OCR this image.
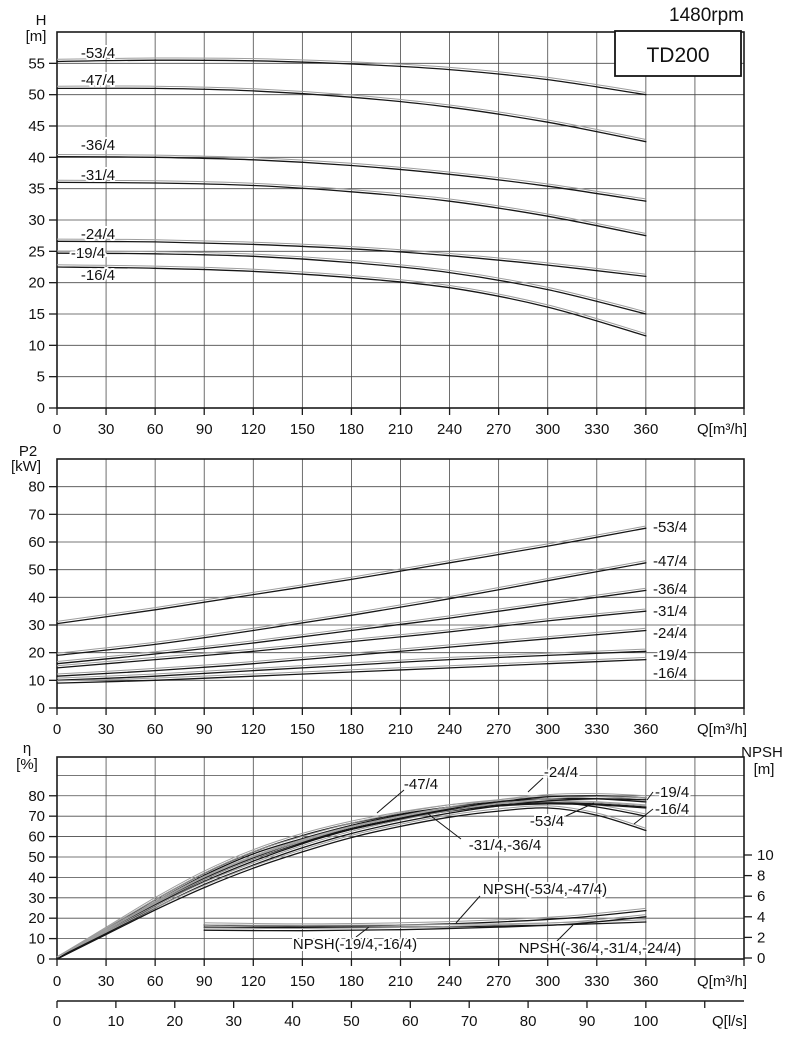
0 30 60 90 120 150 180 210 240 270 300 330 360	Q[m³/h]
0
5
10
15
20
25
30
35
40
45
50
55
-53/4
-47/4
-36/4
-31/4
-24/4
-19/4
-16/4
0 30 60 90 120 150 180 210 240 270 300 330 360	Q[m³/h]
0
10
20
30
40
50
60
70
80
-53/4
-47/4
-36/4
-31/4
-24/4
-19/4
-16/4
0 30 60 90 120 150 180 210 240 270 300 330 360	Q[m³/h]
0
10
20
30
40
50
60
70
80
0
2
4
6
8
10
-47/4
-24/4
-53/4
-31/4,-36/4
-19/4
-16/4
NPSH(-53/4,-47/4)
NPSH(-19/4,-16/4)	NPSH(-36/4,-31/4,-24/4)
0	10	20	30	40	50	60	70	80	90	100	Q[l/s]
1480rpm
TD200
H
[m]
P2
[kW]
η
[%]
NPSH
[m]
